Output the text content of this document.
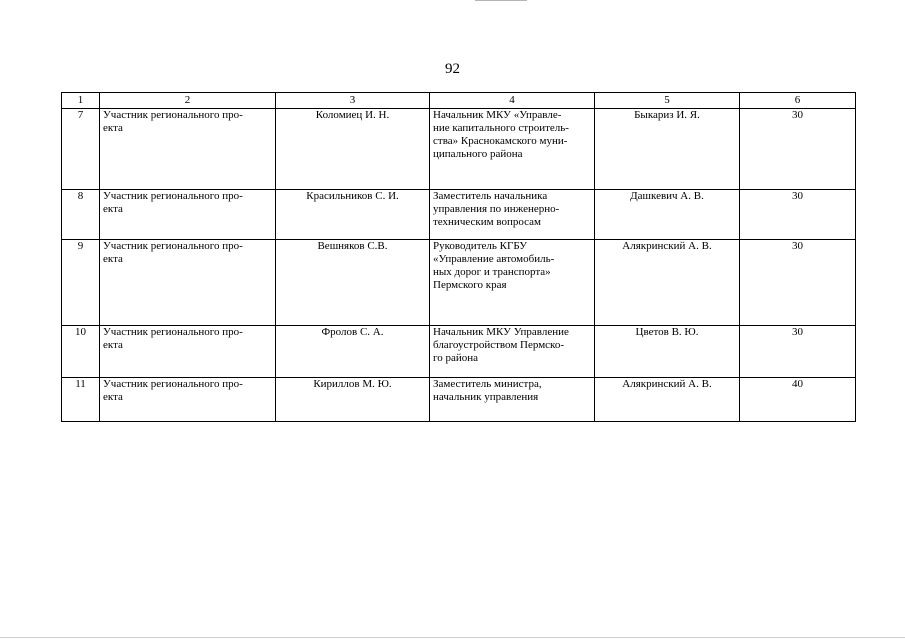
92
1	2	3	4	5	6
7	Участник регионального про-
екта	Коломиец И. Н.	Начальник МКУ «Управле-
ние капитального строитель-
ства» Краснокамского муни-
ципального района	Быкариз И. Я.	30
8	Участник регионального про-
екта	Красильников С. И.	Заместитель начальника
управления по инженерно-
техническим вопросам	Дашкевич А. В.	30
9	Участник регионального про-
екта	Вешняков С.В.	Руководитель КГБУ
«Управление автомобиль-
ных дорог и транспорта»
Пермского края	Алякринский А. В.	30
10	Участник регионального про-
екта	Фролов С. А.	Начальник МКУ Управление
благоустройством Пермско-
го района	Цветов В. Ю.	30
11	Участник регионального про-
екта	Кириллов М. Ю.	Заместитель министра,
начальник управления	Алякринский А. В.	40
